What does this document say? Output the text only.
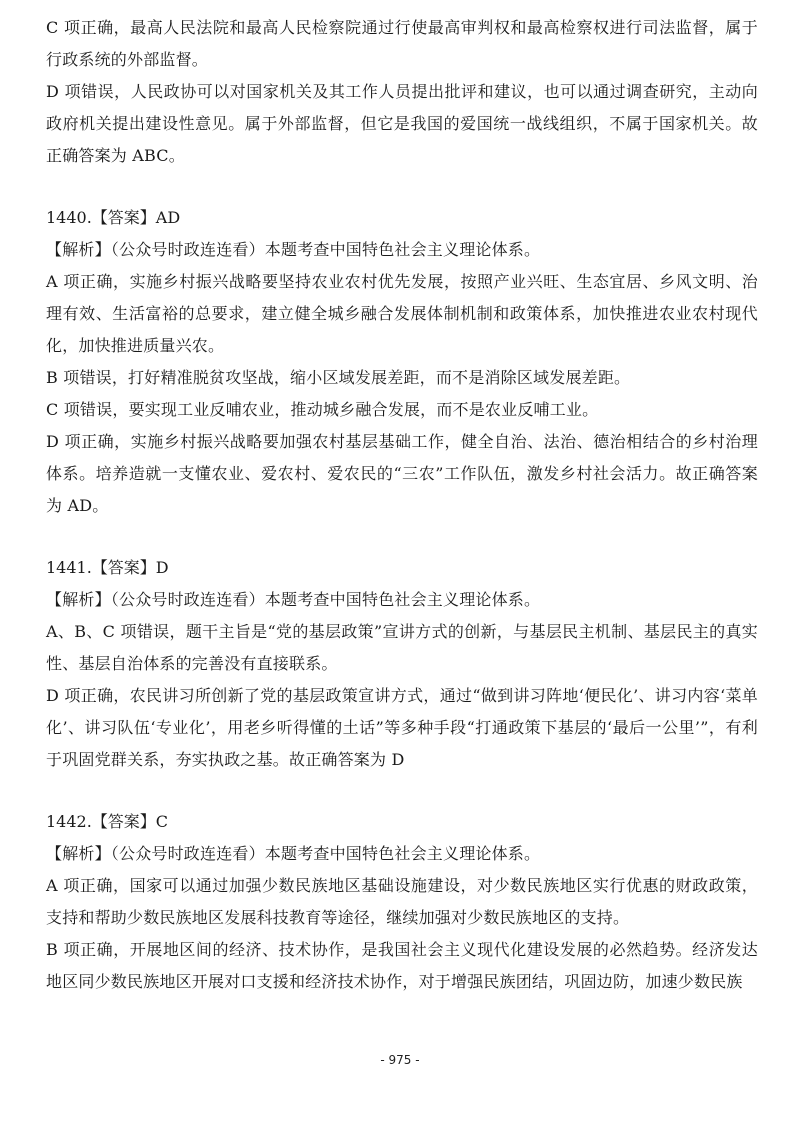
C 项正确，最高人民法院和最高人民检察院通过行使最高审判权和最高检察权进行司法监督，属于行政系统的外部监督。

D 项错误，人民政协可以对国家机关及其工作人员提出批评和建议，也可以通过调查研究，主动向政府机关提出建设性意见。属于外部监督，但它是我国的爱国统一战线组织，不属于国家机关。故正确答案为 ABC。

1440.【答案】AD

【解析】（公众号时政连连看）本题考查中国特色社会主义理论体系。

A 项正确，实施乡村振兴战略要坚持农业农村优先发展，按照产业兴旺、生态宜居、乡风文明、治理有效、生活富裕的总要求，建立健全城乡融合发展体制机制和政策体系，加快推进农业农村现代化，加快推进质量兴农。

B 项错误，打好精准脱贫攻坚战，缩小区域发展差距，而不是消除区域发展差距。

C 项错误，要实现工业反哺农业，推动城乡融合发展，而不是农业反哺工业。

D 项正确，实施乡村振兴战略要加强农村基层基础工作，健全自治、法治、德治相结合的乡村治理体系。培养造就一支懂农业、爱农村、爱农民的“三农”工作队伍，激发乡村社会活力。故正确答案为 AD。

1441.【答案】D

【解析】（公众号时政连连看）本题考查中国特色社会主义理论体系。

A、B、C 项错误，题干主旨是“党的基层政策”宣讲方式的创新，与基层民主机制、基层民主的真实性、基层自治体系的完善没有直接联系。

D 项正确，农民讲习所创新了党的基层政策宣讲方式，通过“做到讲习阵地‘便民化’、讲习内容‘菜单化’、讲习队伍‘专业化’，用老乡听得懂的土话”等多种手段“打通政策下基层的‘最后一公里’”，有利于巩固党群关系，夯实执政之基。故正确答案为 D

1442.【答案】C

【解析】（公众号时政连连看）本题考查中国特色社会主义理论体系。

A 项正确，国家可以通过加强少数民族地区基础设施建设，对少数民族地区实行优惠的财政政策，支持和帮助少数民族地区发展科技教育等途径，继续加强对少数民族地区的支持。

B 项正确，开展地区间的经济、技术协作，是我国社会主义现代化建设发展的必然趋势。经济发达地区同少数民族地区开展对口支援和经济技术协作，对于增强民族团结，巩固边防，加速少数民族

- 975 -
